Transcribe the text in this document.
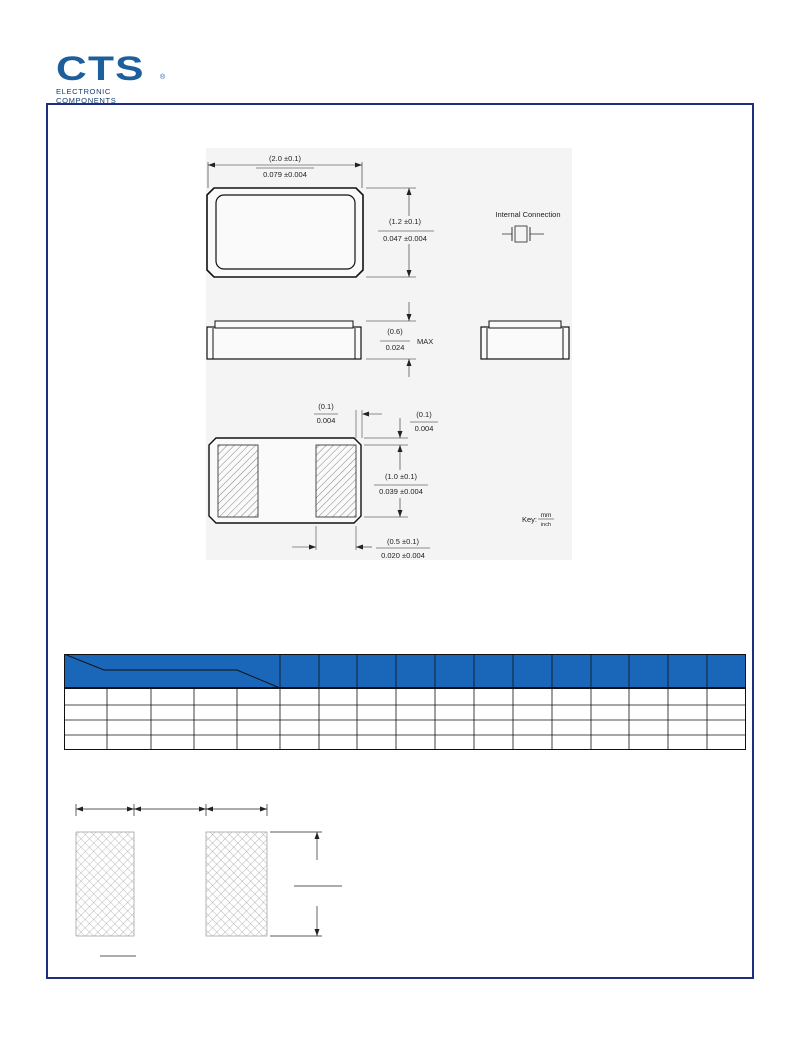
CTS	®
ELECTRONIC COMPONENTS
(2.0 ±0.1)
0.079 ±0.004
(1.2 ±0.1)
0.047 ±0.004
Internal Connection
(0.6)
0.024
MAX
(0.1)
0.004
(0.1)
0.004
(1.0 ±0.1)
0.039 ±0.004
(0.5 ±0.1)
0.020 ±0.004
Key: mm
inch
